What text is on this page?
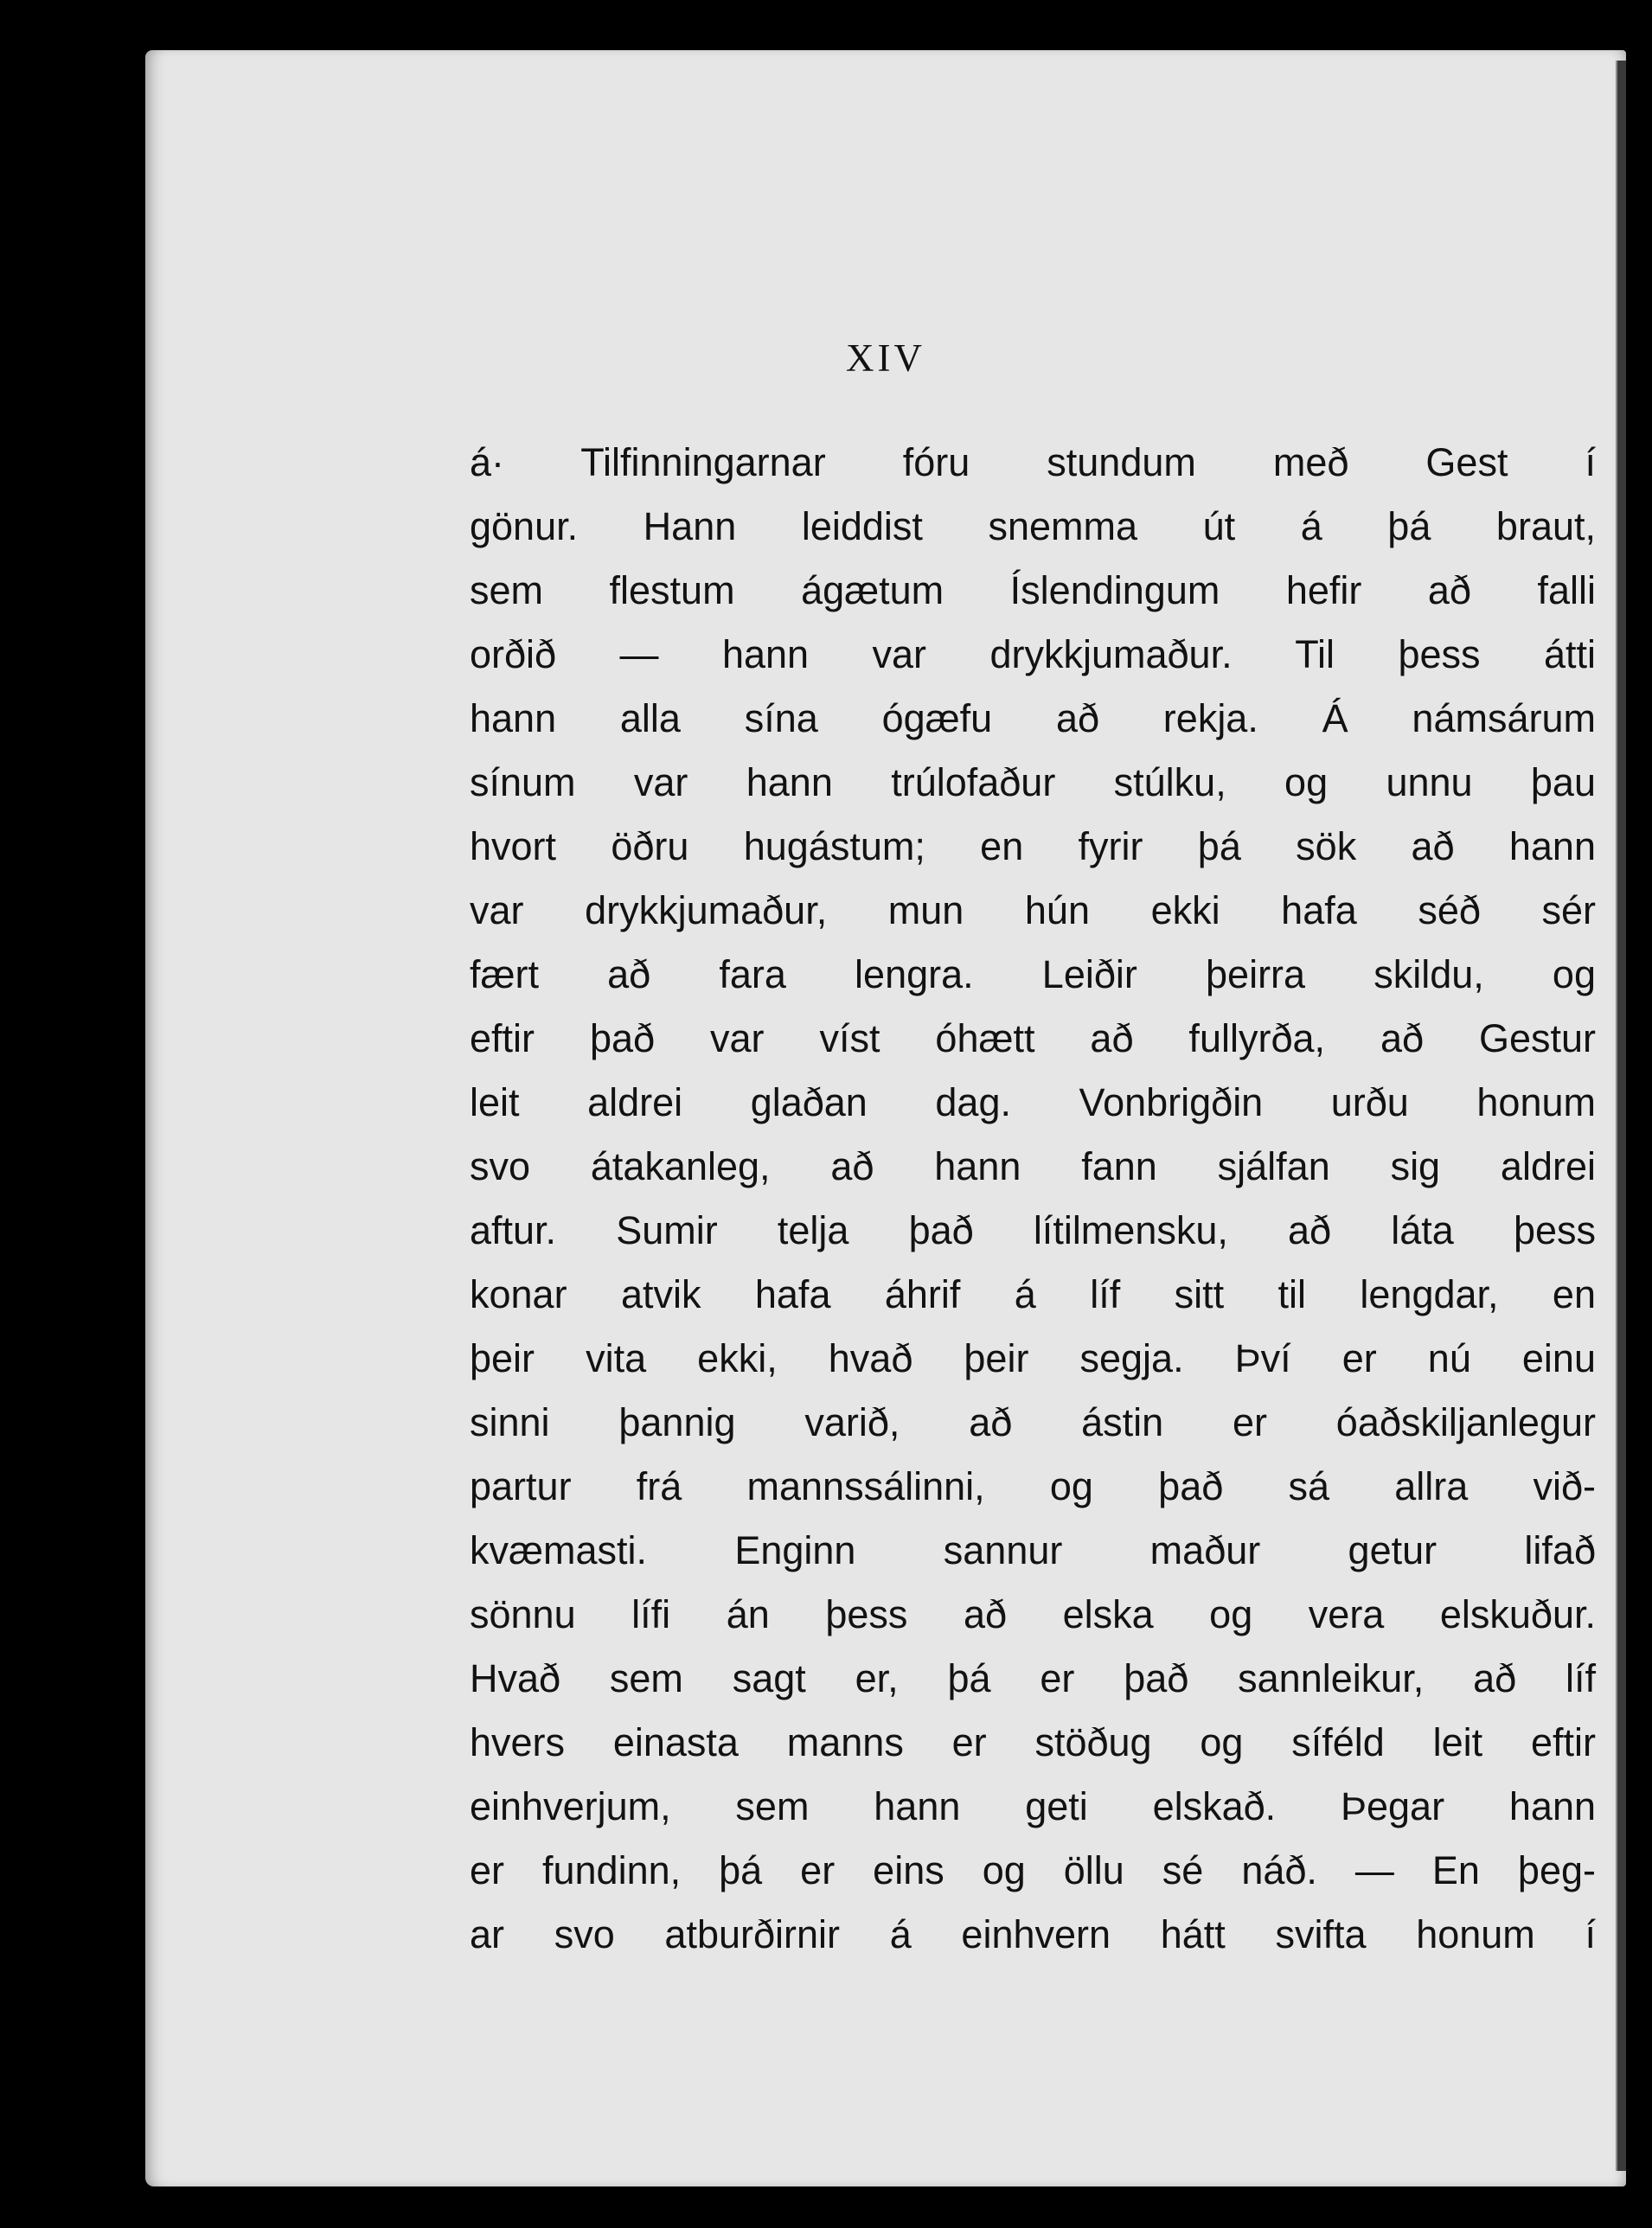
XIV
á· Tilfinningarnar fóru stundum með Gest í
gönur. Hann leiddist snemma út á þá braut,
sem flestum ágætum Íslendingum hefir að falli
orðið — hann var drykkjumaður. Til þess átti
hann alla sína ógæfu að rekja. Á námsárum
sínum var hann trúlofaður stúlku, og unnu þau
hvort öðru hugástum; en fyrir þá sök að hann
var drykkjumaður, mun hún ekki hafa séð sér
fært að fara lengra. Leiðir þeirra skildu, og
eftir það var víst óhætt að fullyrða, að Gestur
leit aldrei glaðan dag. Vonbrigðin urðu honum
svo átakanleg, að hann fann sjálfan sig aldrei
aftur. Sumir telja það lítilmensku, að láta þess
konar atvik hafa áhrif á líf sitt til lengdar, en
þeir vita ekki, hvað þeir segja. Því er nú einu
sinni þannig varið, að ástin er óaðskiljanlegur
partur frá mannssálinni, og það sá allra við-
kvæmasti. Enginn sannur maður getur lifað
sönnu lífi án þess að elska og vera elskuður.
Hvað sem sagt er, þá er það sannleikur, að líf
hvers einasta manns er stöðug og síféld leit eftir
einhverjum, sem hann geti elskað. Þegar hann
er fundinn, þá er eins og öllu sé náð. — En þeg-
ar svo atburðirnir á einhvern hátt svifta honum í
